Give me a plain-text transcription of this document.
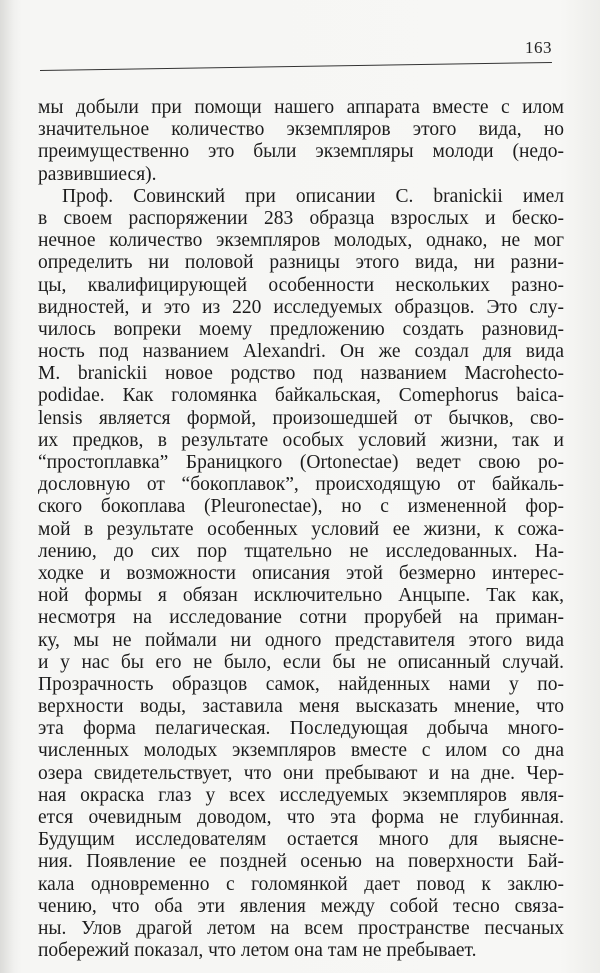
163
мы добыли при помощи нашего аппарата вместе с илом
значительное количество экземпляров этого вида, но
преимущественно это были экземпляры молоди (недо-
развившиеся).
Проф. Совинский при описании C. branickii имел
в своем распоряжении 283 образца взрослых и беско-
нечное количество экземпляров молодых, однако, не мог
определить ни половой разницы этого вида, ни разни-
цы, квалифицирующей особенности нескольких разно-
видностей, и это из 220 исследуемых образцов. Это слу-
чилось вопреки моему предложению создать разновид-
ность под названием Alexandri. Он же создал для вида
M. branickii новое родство под названием Macrohecto-
podidae. Как голомянка байкальская, Comephorus baica-
lensis является формой, произошедшей от бычков, сво-
их предков, в результате особых условий жизни, так и
“простоплавка” Браницкого (Ortonectae) ведет свою ро-
дословную от “бокоплавок”, происходящую от байкаль-
ского бокоплава (Pleuronectae), но с измененной фор-
мой в результате особенных условий ее жизни, к сожа-
лению, до сих пор тщательно не исследованных. На-
ходке и возможности описания этой безмерно интерес-
ной формы я обязан исключительно Анцыпе. Так как,
несмотря на исследование сотни прорубей на приман-
ку, мы не поймали ни одного представителя этого вида
и у нас бы его не было, если бы не описанный случай.
Прозрачность образцов самок, найденных нами у по-
верхности воды, заставила меня высказать мнение, что
эта форма пелагическая. Последующая добыча много-
численных молодых экземпляров вместе с илом со дна
озера свидетельствует, что они пребывают и на дне. Чер-
ная окраска глаз у всех исследуемых экземпляров явля-
ется очевидным доводом, что эта форма не глубинная.
Будущим исследователям остается много для выясне-
ния. Появление ее поздней осенью на поверхности Бай-
кала одновременно с голомянкой дает повод к заклю-
чению, что оба эти явления между собой тесно связа-
ны. Улов драгой летом на всем пространстве песчаных
побережий показал, что летом она там не пребывает.
